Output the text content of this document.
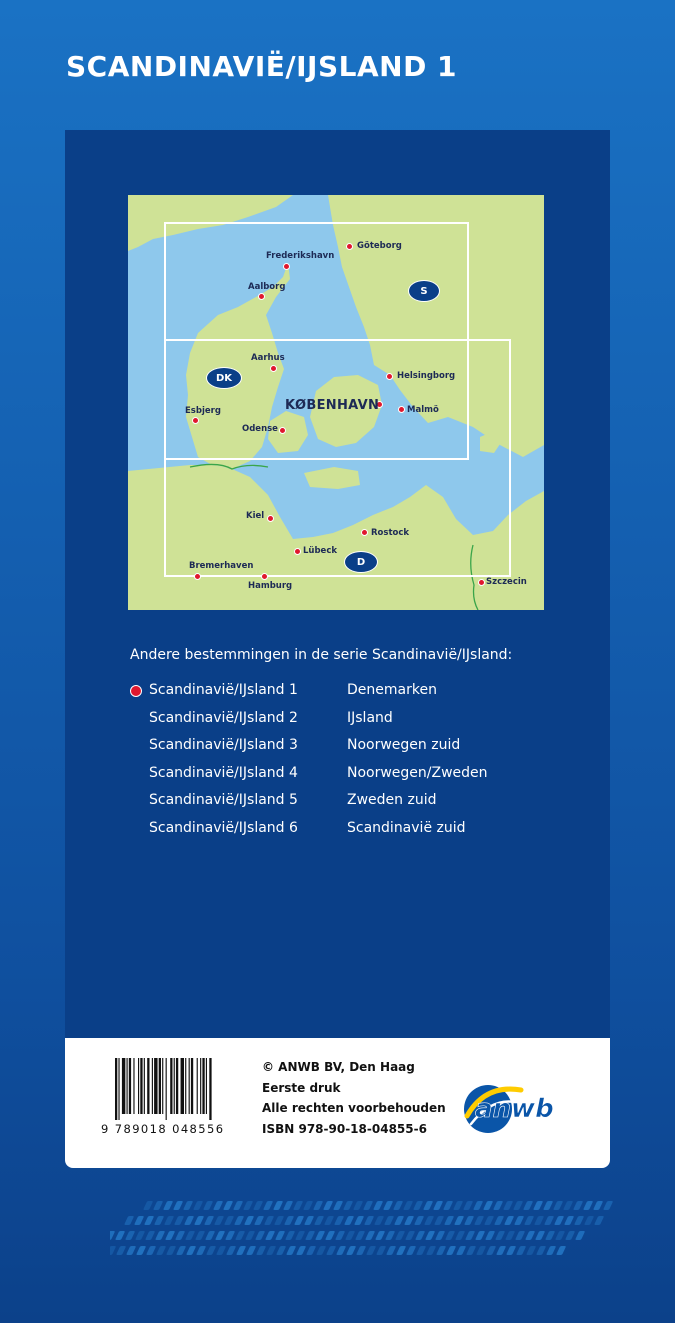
SCANDINAVIË/IJSLAND 1
S
DK
D
Frederikshavn
Göteborg
Aalborg
Aarhus
Helsingborg
Malmö
KØBENHAVN
Esbjerg
Odense
Kiel
Rostock
Lübeck
Bremerhaven
Hamburg	Szczecin
Andere bestemmingen in de serie Scandinavië/IJsland:
Scandinavië/IJsland 1	Denemarken
Scandinavië/IJsland 2	IJsland
Scandinavië/IJsland 3	Noorwegen zuid
Scandinavië/IJsland 4	Noorwegen/Zweden
Scandinavië/IJsland 5	Zweden zuid
Scandinavië/IJsland 6	Scandinavië zuid
9 789018 048556
© ANWB BV, Den Haag
Eerste druk
Alle rechten voorbehouden
ISBN 978-90-18-04855-6
anwb
